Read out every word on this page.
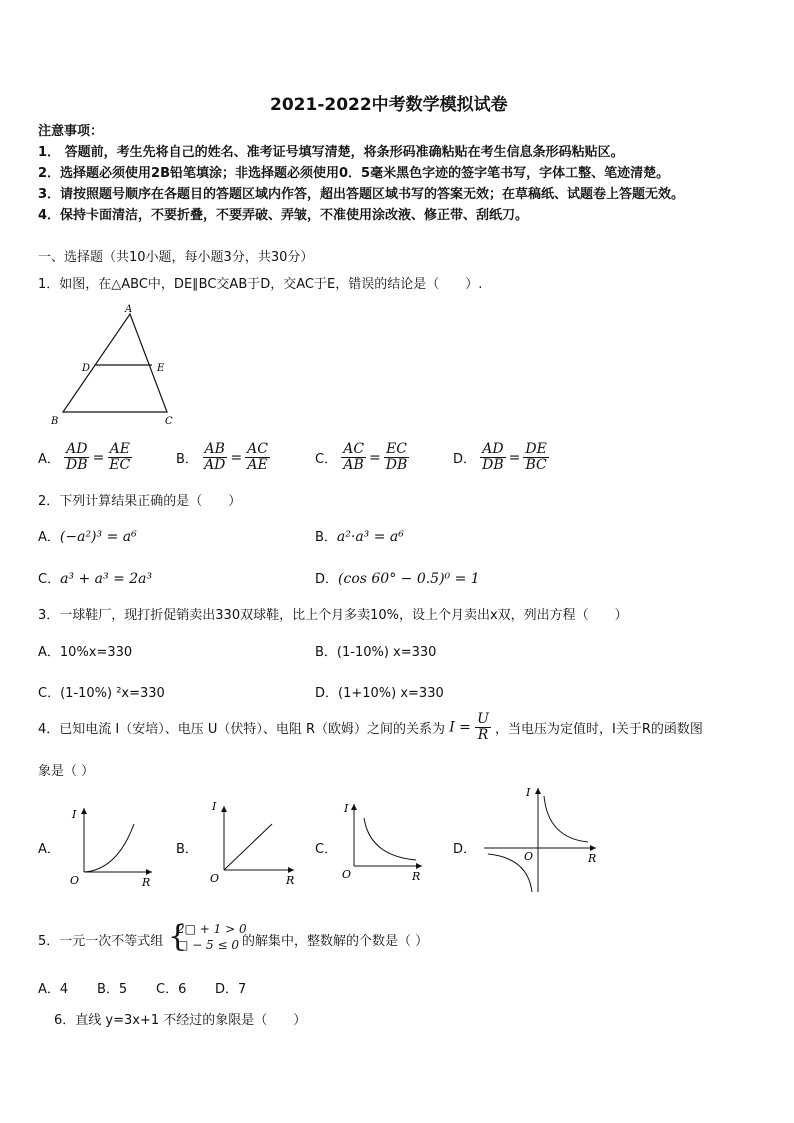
2021-2022中考数学模拟试卷
注意事项：
1． 答题前，考生先将自己的姓名、准考证号填写清楚，将条形码准确粘贴在考生信息条形码粘贴区。
2．选择题必须使用2B铅笔填涂；非选择题必须使用0．5毫米黑色字迹的签字笔书写，字体工整、笔迹清楚。
3．请按照题号顺序在各题目的答题区域内作答，超出答题区域书写的答案无效；在草稿纸、试题卷上答题无效。
4．保持卡面清洁，不要折叠，不要弄破、弄皱，不准使用涂改液、修正带、刮纸刀。
一、选择题（共10小题，每小题3分，共30分）
1．如图，在△ABC中，DE∥BC交AB于D，交AC于E，错误的结论是（　　）.
A
D	E
B	C
A． $\frac{AD}{DB} = \frac{AE}{EC}$	B． $\frac{AB}{AD} = \frac{AC}{AE}$	C． $\frac{AC}{AB} = \frac{EC}{DB}$	D． $\frac{AD}{DB} = \frac{DE}{BC}$
2．下列计算结果正确的是（　　）
A．(−a²)³ = a⁶	B．a²·a³ = a⁶
C．a³ + a³ = 2a³	D．(cos 60° − 0.5)⁰ = 1
3．一球鞋厂，现打折促销卖出330双球鞋，比上个月多卖10%，设上个月卖出x双，列出方程（　　）
A．10%x=330	B．(1-10%) x=330
C．(1-10%) ²x=330	D．(1+10%) x=330
4．已知电流 I（安培）、电压 U（伏特）、电阻 R（欧姆）之间的关系为 $I = \frac{U}{R}$ ，当电压为定值时，I关于R的函数图
象是（ ）
A．
I
R
O
B．
I
R
O
C．
I
R
O
D．
I
R
O
5．一元一次不等式组 {
2□ + 1 > 0
□ − 5 ≤ 0 的解集中，整数解的个数是（ ）
A．4 B．5 C．6 D．7
6．直线 y=3x+1 不经过的象限是（　　）
